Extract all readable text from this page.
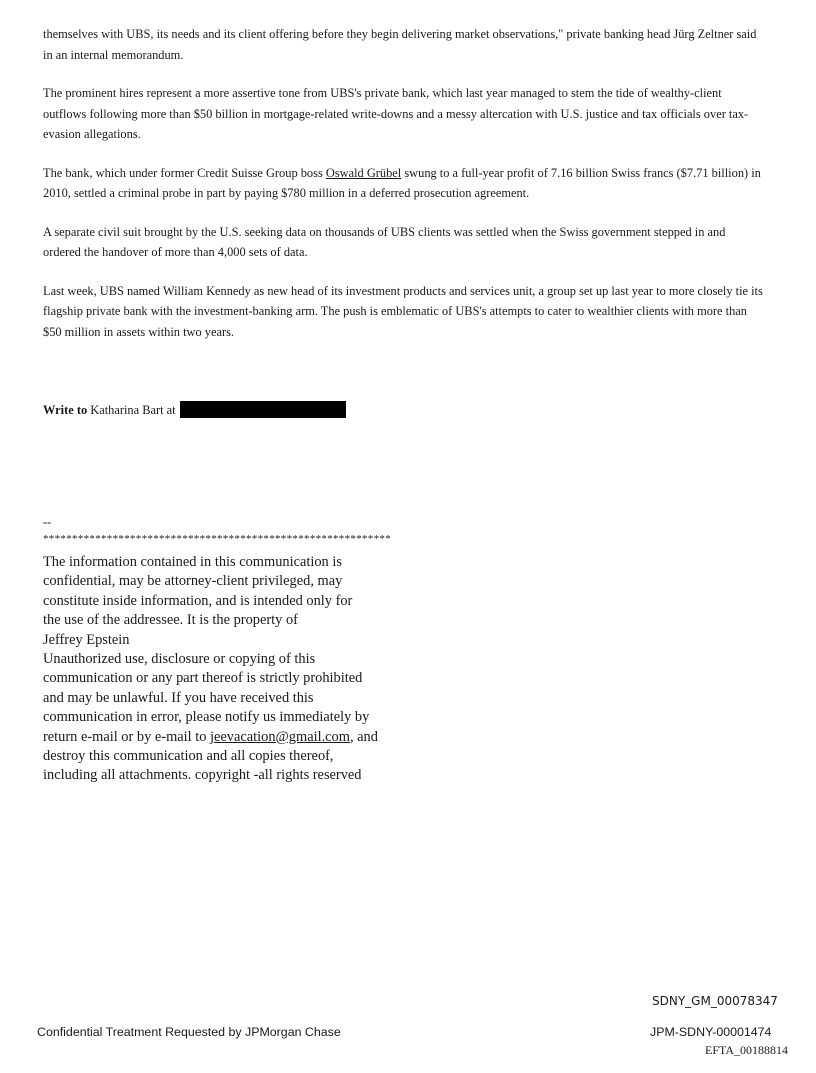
themselves with UBS, its needs and its client offering before they begin delivering market observations," private banking head Jürg Zeltner said in an internal memorandum.

The prominent hires represent a more assertive tone from UBS's private bank, which last year managed to stem the tide of wealthy-client outflows following more than $50 billion in mortgage-related write-downs and a messy altercation with U.S. justice and tax officials over tax-evasion allegations.

The bank, which under former Credit Suisse Group boss Oswald Grübel swung to a full-year profit of 7.16 billion Swiss francs ($7.71 billion) in 2010, settled a criminal probe in part by paying $780 million in a deferred prosecution agreement.

A separate civil suit brought by the U.S. seeking data on thousands of UBS clients was settled when the Swiss government stepped in and ordered the handover of more than 4,000 sets of data.

Last week, UBS named William Kennedy as new head of its investment products and services unit, a group set up last year to more closely tie its flagship private bank with the investment-banking arm. The push is emblematic of UBS's attempts to cater to wealthier clients with more than $50 million in assets within two years.

Write to Katharina Bart at
--
************************************************************
The information contained in this communication is
confidential, may be attorney-client privileged, may
constitute inside information, and is intended only for
the use of the addressee. It is the property of
Jeffrey Epstein
Unauthorized use, disclosure or copying of this
communication or any part thereof is strictly prohibited
and may be unlawful. If you have received this
communication in error, please notify us immediately by
return e-mail or by e-mail to jeevacation@gmail.com, and
destroy this communication and all copies thereof,
including all attachments. copyright -all rights reserved
SDNY_GM_00078347
Confidential Treatment Requested by JPMorgan Chase	JPM-SDNY-00001474
EFTA_00188814
